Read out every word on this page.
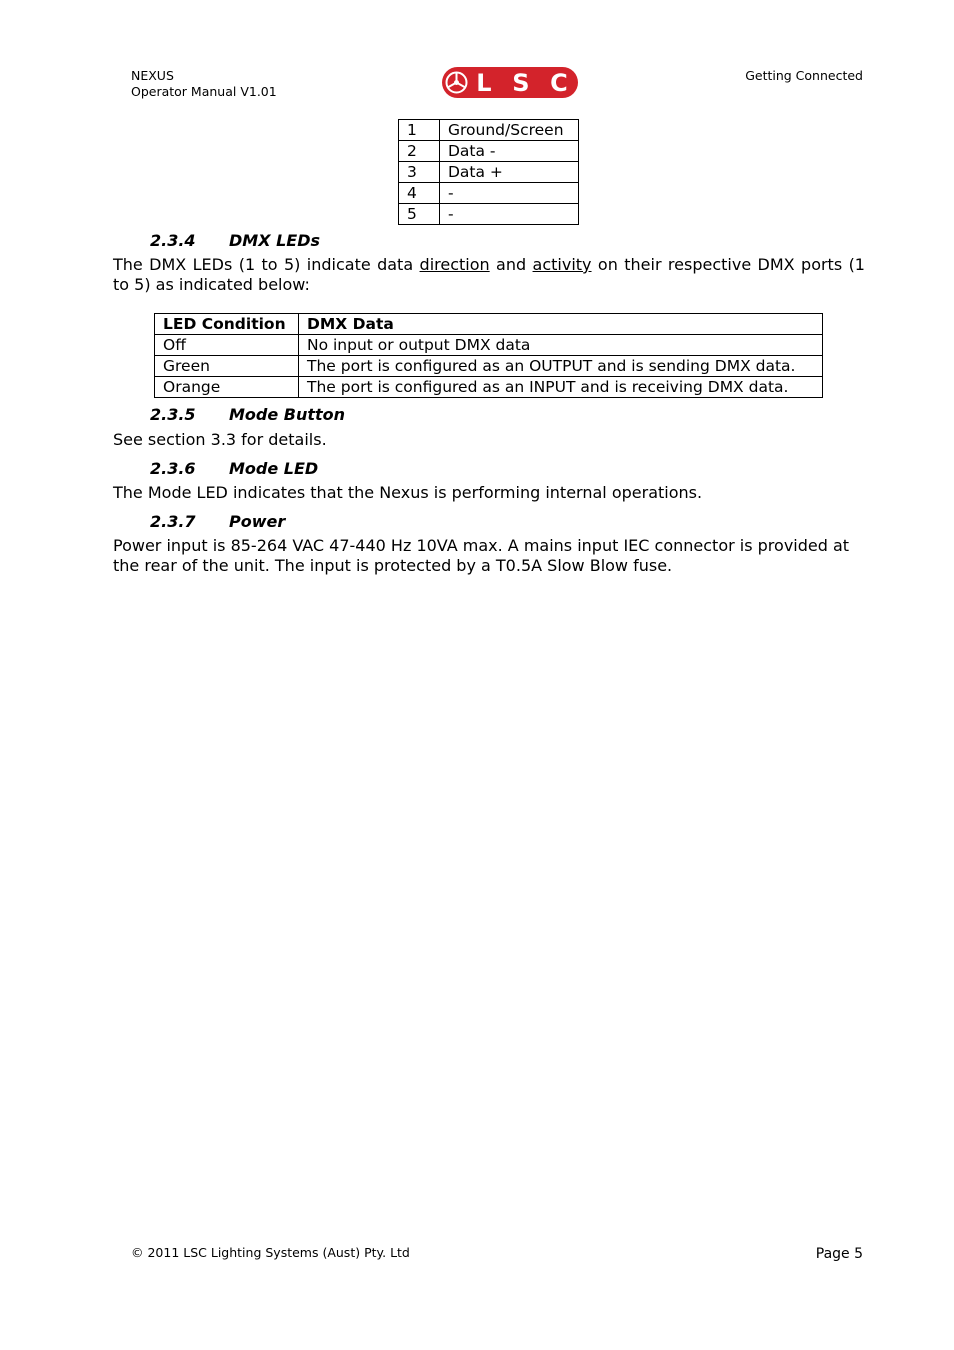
NEXUS
Operator Manual V1.01	L S C	Getting Connected
1	Ground/Screen
2	Data -
3	Data +
4	-
5	-
2.3.4 DMX LEDs
The DMX LEDs (1 to 5) indicate data direction and activity on their respective DMX ports (1 to 5) as indicated below:
LED Condition	DMX Data
Off	No input or output DMX data
Green	The port is configured as an OUTPUT and is sending DMX data.
Orange	The port is configured as an INPUT and is receiving DMX data.
2.3.5 Mode Button
See section 3.3 for details.
2.3.6 Mode LED
The Mode LED indicates that the Nexus is performing internal operations.
2.3.7 Power
Power input is 85-264 VAC 47-440 Hz 10VA max. A mains input IEC connector is provided at the rear of the unit. The input is protected by a T0.5A Slow Blow fuse.
© 2011 LSC Lighting Systems (Aust) Pty. Ltd	Page 5
